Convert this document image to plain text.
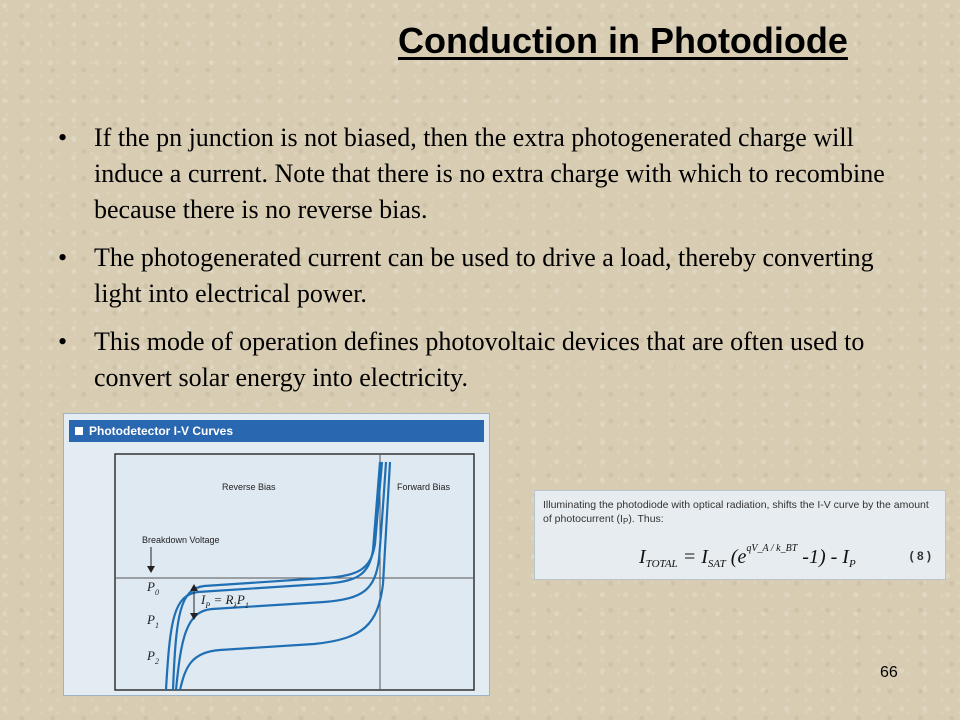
Conduction in Photodiode
• If the pn junction is not biased, then the extra photogenerated charge will induce a current. Note that there is no extra charge with which to recombine because there is no reverse bias.
• The photogenerated current can be used to drive a load, thereby converting light into electrical power.
• This mode of operation defines photovoltaic devices that are often used to convert solar energy into electricity.
Photodetector I-V Curves
Reverse Bias	Forward Bias
Breakdown Voltage
$P_0$
$P_1$
$P_2$
$I_P = R_\lambda P_1$
Illuminating the photodiode with optical radiation, shifts the I-V curve by the amount of photocurrent (IP). Thus:
$I_{TOTAL} = I_{SAT}$ ($e^{qV\_A / k\_BT}$ $-1) - I_P$
( 8 )
66
